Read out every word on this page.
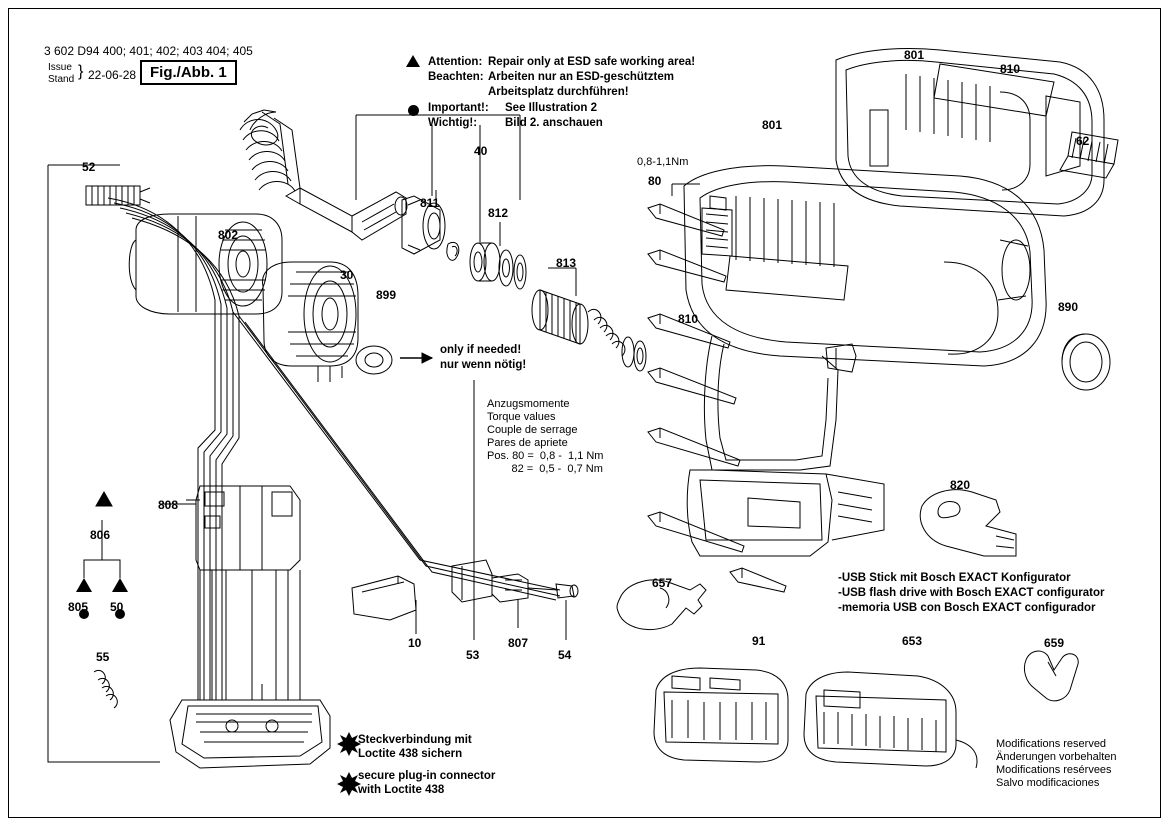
3 602 D94 400; 401; 402; 403 404; 405
Issue
Stand } 22-06-28 Fig./Abb. 1
Attention: Repair only at ESD safe working area!
Beachten: Arbeiten nur an ESD-geschütztem
Arbeitsplatz durchführen!
Important!: See Illustration 2
Wichtig!: Bild 2. anschauen
52
802
30
899
811
812
813
40
801
810
62
801
80
810
890
820
657
91	653	659
806
805 50
808
55
10
53
807
54
only if needed!
nur wenn nötig!
Anzugsmomente
Torque values
Couple de serrage
Pares de apriete
Pos. 80 =  0,8 -  1,1 Nm
82 =  0,5 -  0,7 Nm
0,8-1,1Nm
-USB Stick mit Bosch EXACT Konfigurator
-USB flash drive with Bosch EXACT configurator
-memoria USB con Bosch EXACT configurador
Steckverbindung mit
Loctite 438 sichern
secure plug-in connector
with Loctite 438
Modifications reserved
Änderungen vorbehalten
Modifications resérvees
Salvo modificaciones
